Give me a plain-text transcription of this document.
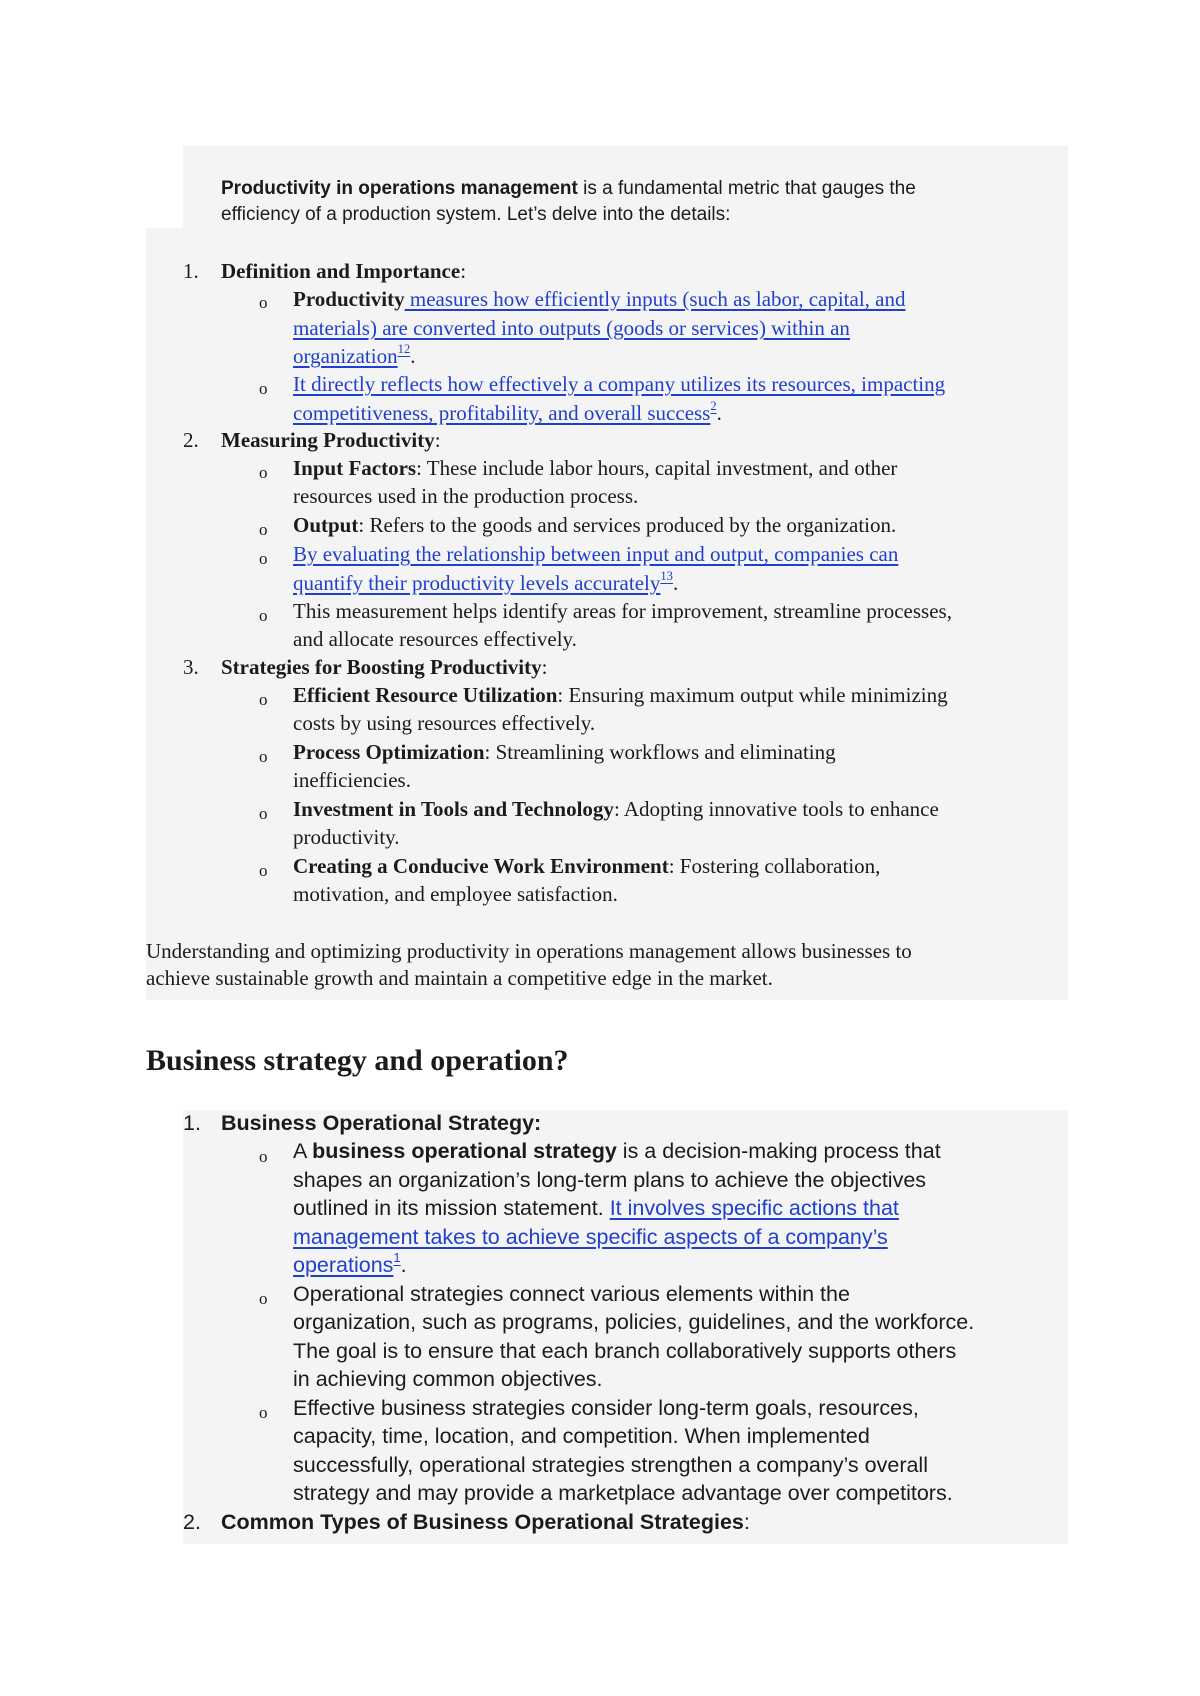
Productivity in operations management is a fundamental metric that gauges the
efficiency of a production system. Let’s delve into the details:
1. Definition and Importance:
o Productivity measures how efficiently inputs (such as labor, capital, and
materials) are converted into outputs (goods or services) within an
organization$^{12}$.
o It directly reflects how effectively a company utilizes its resources, impacting
competitiveness, profitability, and overall success$^2$.
2. Measuring Productivity:
o Input Factors: These include labor hours, capital investment, and other
resources used in the production process.
o Output: Refers to the goods and services produced by the organization.
o By evaluating the relationship between input and output, companies can
quantify their productivity levels accurately$^{13}$.
o This measurement helps identify areas for improvement, streamline processes,
and allocate resources effectively.
3. Strategies for Boosting Productivity:
o Efficient Resource Utilization: Ensuring maximum output while minimizing
costs by using resources effectively.
o Process Optimization: Streamlining workflows and eliminating
inefficiencies.
o Investment in Tools and Technology: Adopting innovative tools to enhance
productivity.
o Creating a Conducive Work Environment: Fostering collaboration,
motivation, and employee satisfaction.
Understanding and optimizing productivity in operations management allows businesses to
achieve sustainable growth and maintain a competitive edge in the market.
Business strategy and operation?
1. Business Operational Strategy:
o A business operational strategy is a decision-making process that
shapes an organization’s long-term plans to achieve the objectives
outlined in its mission statement. It involves specific actions that
management takes to achieve specific aspects of a company’s
operations$^1$.
o Operational strategies connect various elements within the
organization, such as programs, policies, guidelines, and the workforce.
The goal is to ensure that each branch collaboratively supports others
in achieving common objectives.
o Effective business strategies consider long-term goals, resources,
capacity, time, location, and competition. When implemented
successfully, operational strategies strengthen a company’s overall
strategy and may provide a marketplace advantage over competitors.
2. Common Types of Business Operational Strategies:
